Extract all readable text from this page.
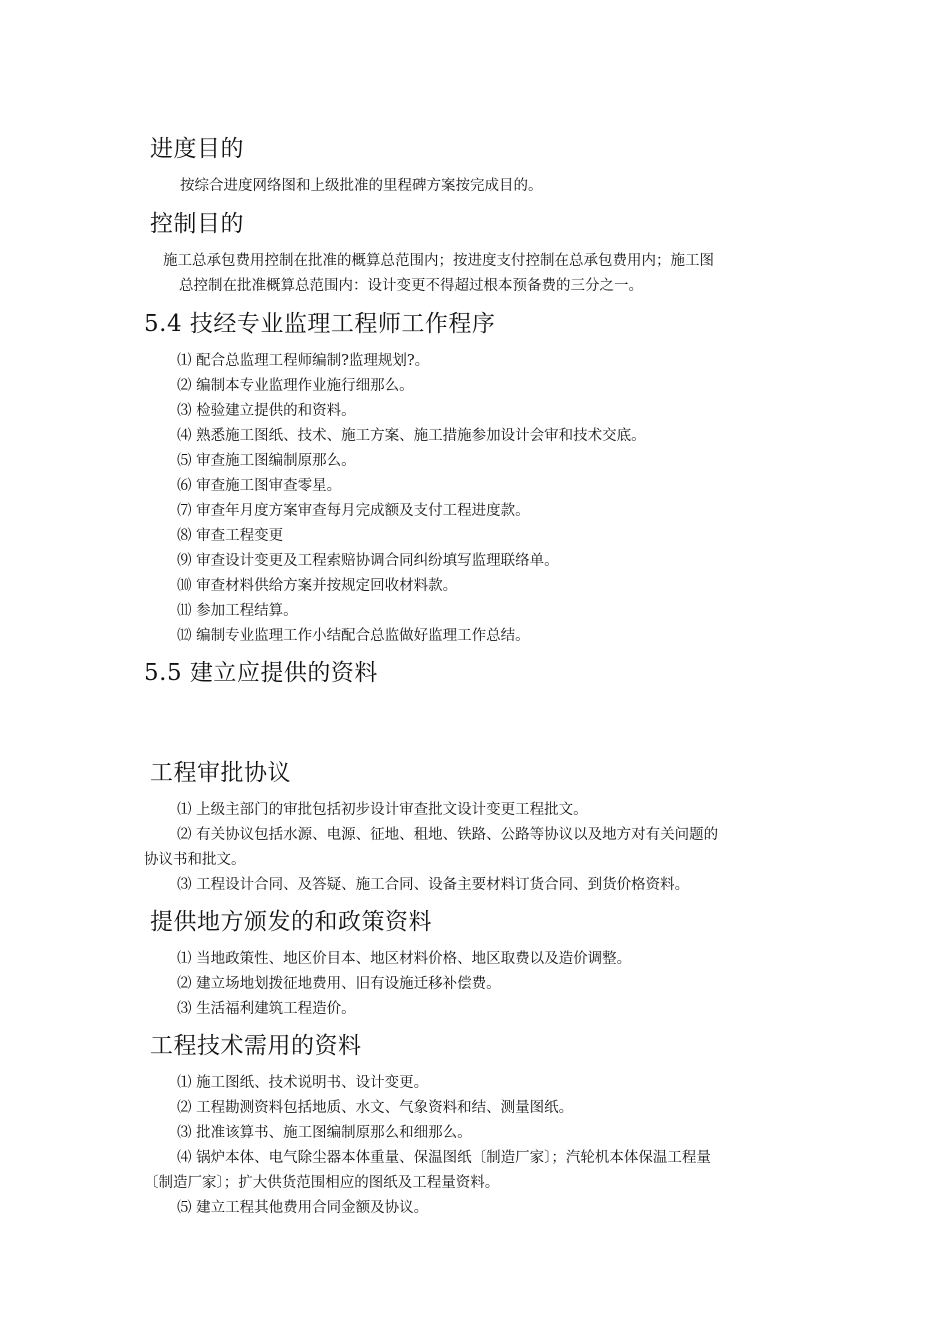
进度目的
按综合进度网络图和上级批准的里程碑方案按完成目的。
控制目的
施工总承包费用控制在批准的概算总范围内；按进度支付控制在总承包费用内；施工图
总控制在批准概算总范围内：设计变更不得超过根本预备费的三分之一。
5.4 技经专业监理工程师工作程序
⑴ 配合总监理工程师编制?监理规划?。
⑵ 编制本专业监理作业施行细那么。
⑶ 检验建立提供的和资料。
⑷ 熟悉施工图纸、技术、施工方案、施工措施参加设计会审和技术交底。
⑸ 审查施工图编制原那么。
⑹ 审查施工图审查零星。
⑺ 审查年月度方案审查每月完成额及支付工程进度款。
⑻ 审查工程变更
⑼ 审查设计变更及工程索赔协调合同纠纷填写监理联络单。
⑽ 审查材料供给方案并按规定回收材料款。
⑾ 参加工程结算。
⑿ 编制专业监理工作小结配合总监做好监理工作总结。
5.5 建立应提供的资料
工程审批协议
⑴ 上级主部门的审批包括初步设计审查批文设计变更工程批文。
⑵ 有关协议包括水源、电源、征地、租地、铁路、公路等协议以及地方对有关问题的
协议书和批文。
⑶ 工程设计合同、及答疑、施工合同、设备主要材料订货合同、到货价格资料。
提供地方颁发的和政策资料
⑴ 当地政策性、地区价目本、地区材料价格、地区取费以及造价调整。
⑵ 建立场地划拨征地费用、旧有设施迁移补偿费。
⑶ 生活福利建筑工程造价。
工程技术需用的资料
⑴ 施工图纸、技术说明书、设计变更。
⑵ 工程勘测资料包括地质、水文、气象资料和结、测量图纸。
⑶ 批准该算书、施工图编制原那么和细那么。
⑷ 锅炉本体、电气除尘器本体重量、保温图纸〔制造厂家〕；汽轮机本体保温工程量
〔制造厂家〕；扩大供货范围相应的图纸及工程量资料。
⑸ 建立工程其他费用合同金额及协议。
